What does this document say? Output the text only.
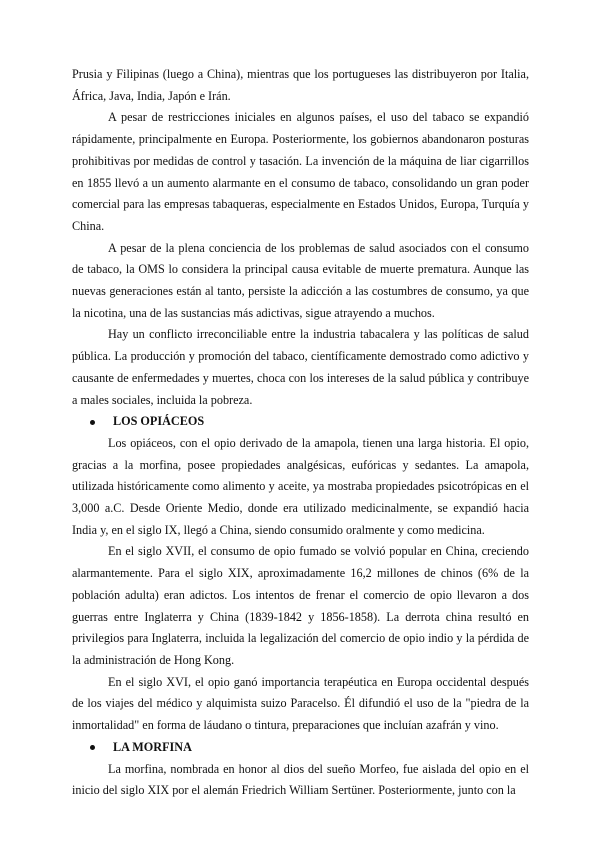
Prusia y Filipinas (luego a China), mientras que los portugueses las distribuyeron por Italia, África, Java, India, Japón e Irán.

A pesar de restricciones iniciales en algunos países, el uso del tabaco se expandió rápidamente, principalmente en Europa. Posteriormente, los gobiernos abandonaron posturas prohibitivas por medidas de control y tasación. La invención de la máquina de liar cigarrillos en 1855 llevó a un aumento alarmante en el consumo de tabaco, consolidando un gran poder comercial para las empresas tabaqueras, especialmente en Estados Unidos, Europa, Turquía y China.

A pesar de la plena conciencia de los problemas de salud asociados con el consumo de tabaco, la OMS lo considera la principal causa evitable de muerte prematura. Aunque las nuevas generaciones están al tanto, persiste la adicción a las costumbres de consumo, ya que la nicotina, una de las sustancias más adictivas, sigue atrayendo a muchos.

Hay un conflicto irreconciliable entre la industria tabacalera y las políticas de salud pública. La producción y promoción del tabaco, científicamente demostrado como adictivo y causante de enfermedades y muertes, choca con los intereses de la salud pública y contribuye a males sociales, incluida la pobreza.

LOS OPIÁCEOS

Los opiáceos, con el opio derivado de la amapola, tienen una larga historia. El opio, gracias a la morfina, posee propiedades analgésicas, eufóricas y sedantes. La amapola, utilizada históricamente como alimento y aceite, ya mostraba propiedades psicotrópicas en el 3,000 a.C. Desde Oriente Medio, donde era utilizado medicinalmente, se expandió hacia India y, en el siglo IX, llegó a China, siendo consumido oralmente y como medicina.

En el siglo XVII, el consumo de opio fumado se volvió popular en China, creciendo alarmantemente. Para el siglo XIX, aproximadamente 16,2 millones de chinos (6% de la población adulta) eran adictos. Los intentos de frenar el comercio de opio llevaron a dos guerras entre Inglaterra y China (1839-1842 y 1856-1858). La derrota china resultó en privilegios para Inglaterra, incluida la legalización del comercio de opio indio y la pérdida de la administración de Hong Kong.

En el siglo XVI, el opio ganó importancia terapéutica en Europa occidental después de los viajes del médico y alquimista suizo Paracelso. Él difundió el uso de la "piedra de la inmortalidad" en forma de láudano o tintura, preparaciones que incluían azafrán y vino.

LA MORFINA

La morfina, nombrada en honor al dios del sueño Morfeo, fue aislada del opio en el inicio del siglo XIX por el alemán Friedrich William Sertüner. Posteriormente, junto con la
